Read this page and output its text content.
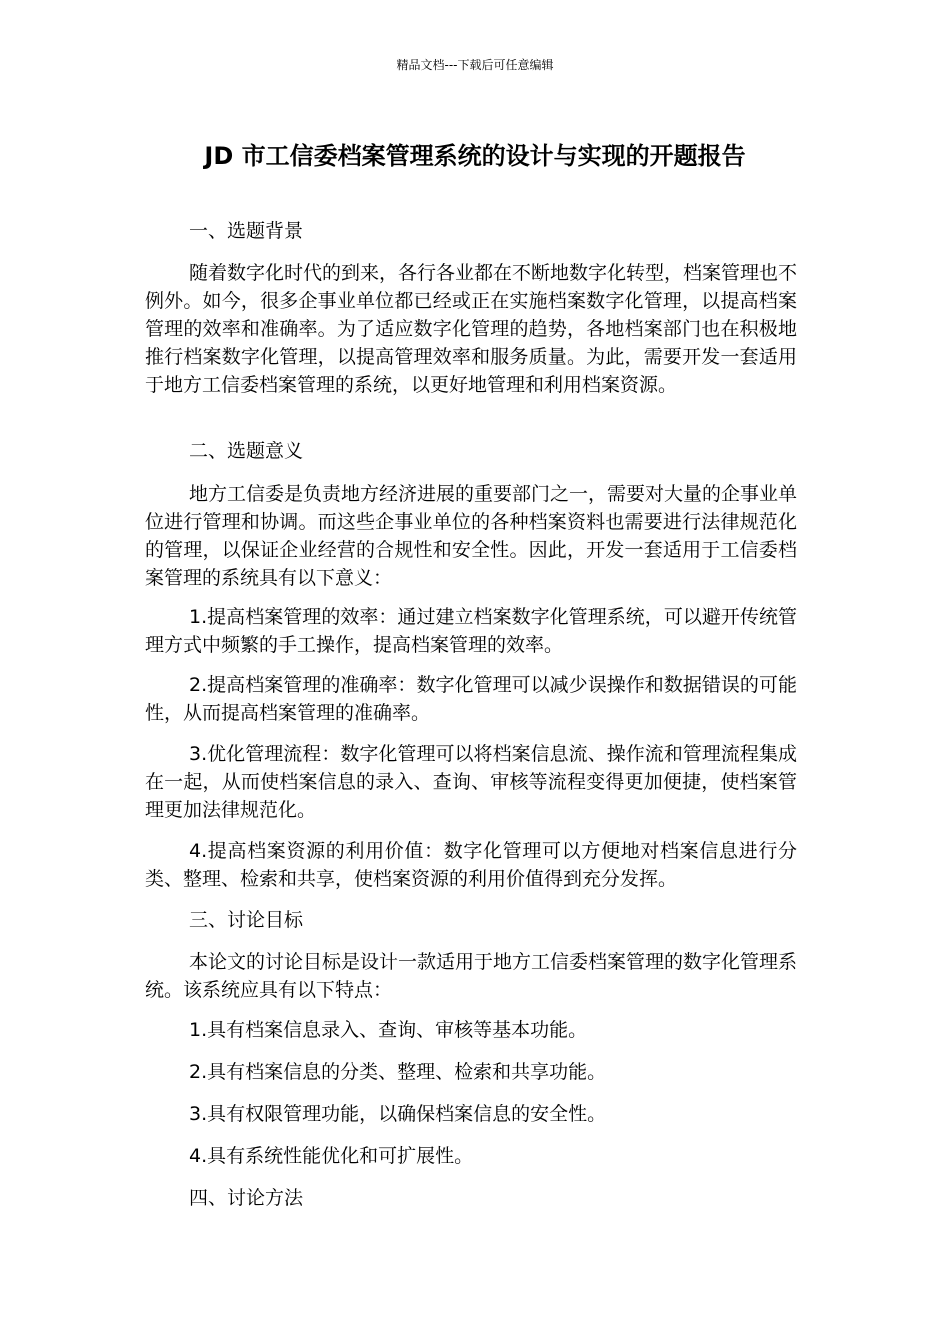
精品文档---下载后可任意编辑
JD 市工信委档案管理系统的设计与实现的开题报告
一、选题背景
随着数字化时代的到来，各行各业都在不断地数字化转型，档案管理也不例外。如今，很多企事业单位都已经或正在实施档案数字化管理，以提高档案管理的效率和准确率。为了适应数字化管理的趋势，各地档案部门也在积极地推行档案数字化管理，以提高管理效率和服务质量。为此，需要开发一套适用于地方工信委档案管理的系统，以更好地管理和利用档案资源。
二、选题意义
地方工信委是负责地方经济进展的重要部门之一，需要对大量的企事业单位进行管理和协调。而这些企事业单位的各种档案资料也需要进行法律规范化的管理，以保证企业经营的合规性和安全性。因此，开发一套适用于工信委档案管理的系统具有以下意义：
1.提高档案管理的效率：通过建立档案数字化管理系统，可以避开传统管理方式中频繁的手工操作，提高档案管理的效率。
2.提高档案管理的准确率：数字化管理可以减少误操作和数据错误的可能性，从而提高档案管理的准确率。
3.优化管理流程：数字化管理可以将档案信息流、操作流和管理流程集成在一起，从而使档案信息的录入、查询、审核等流程变得更加便捷，使档案管理更加法律规范化。
4.提高档案资源的利用价值：数字化管理可以方便地对档案信息进行分类、整理、检索和共享，使档案资源的利用价值得到充分发挥。
三、讨论目标
本论文的讨论目标是设计一款适用于地方工信委档案管理的数字化管理系统。该系统应具有以下特点：
1.具有档案信息录入、查询、审核等基本功能。
2.具有档案信息的分类、整理、检索和共享功能。
3.具有权限管理功能，以确保档案信息的安全性。
4.具有系统性能优化和可扩展性。
四、讨论方法
